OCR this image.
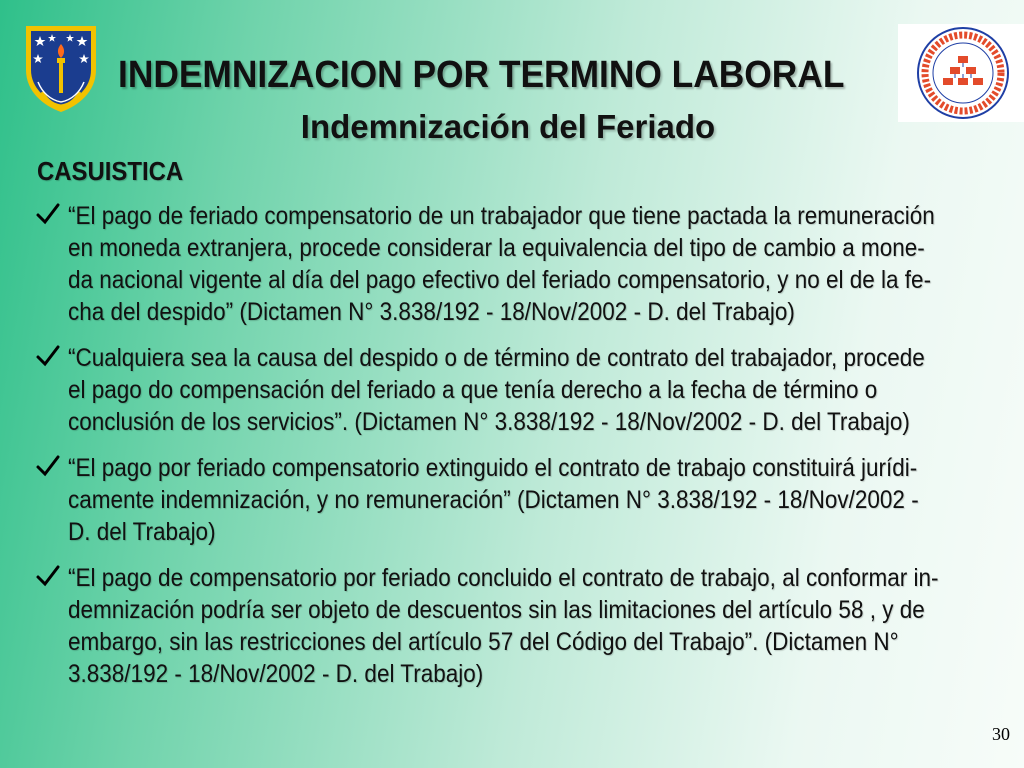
INDEMNIZACION POR TERMINO LABORAL
Indemnización del Feriado
CASUISTICA
“El pago de feriado compensatorio de un trabajador que tiene pactada la remuneración
en moneda extranjera, procede considerar la equivalencia del tipo de cambio a mone-
da nacional vigente al día del pago efectivo del feriado compensatorio, y no el de la fe-
cha del despido” (Dictamen N° 3.838/192 - 18/Nov/2002 - D. del Trabajo)
“Cualquiera sea la causa del despido o de término de contrato del trabajador, procede
el pago do compensación del feriado a que tenía derecho a la fecha de término o
conclusión de los servicios”. (Dictamen N° 3.838/192 - 18/Nov/2002 - D. del Trabajo)
“El pago por feriado compensatorio extinguido el contrato de trabajo constituirá jurídi-
camente indemnización, y no remuneración” (Dictamen N° 3.838/192 - 18/Nov/2002 -
D. del Trabajo)
“El pago de compensatorio por feriado concluido el contrato de trabajo, al conformar in-
demnización podría ser objeto de descuentos sin las limitaciones del artículo 58 , y de
embargo, sin las restricciones del artículo 57 del Código del Trabajo”. (Dictamen N°
3.838/192 - 18/Nov/2002 - D. del Trabajo)
30
